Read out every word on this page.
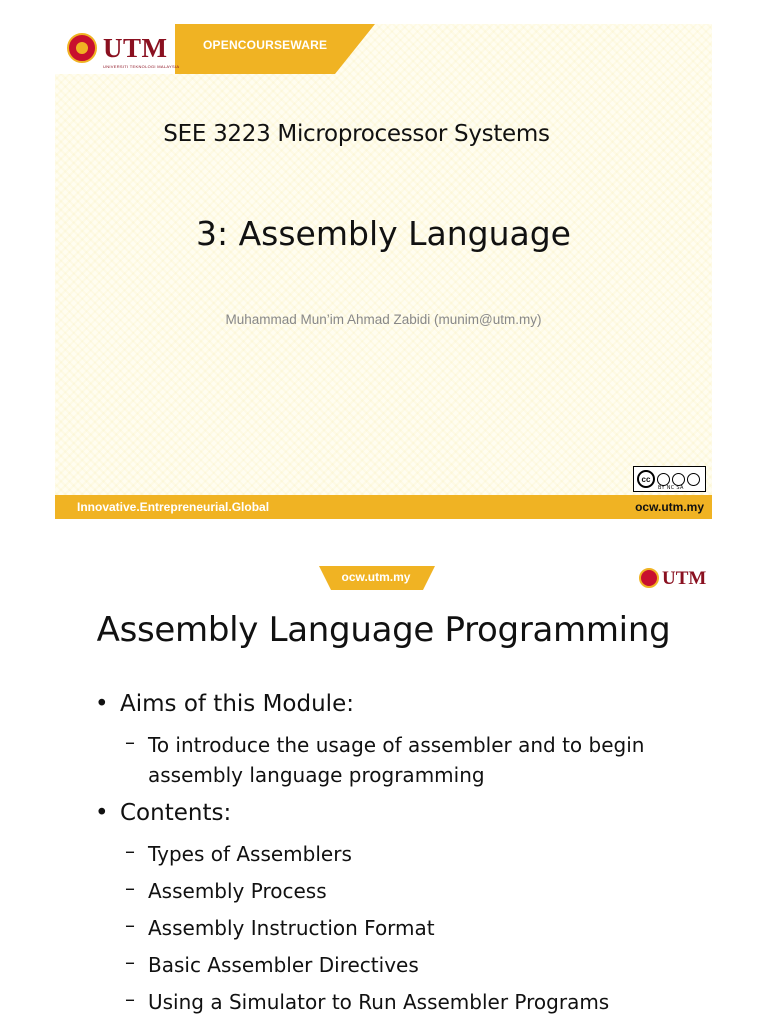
UTM
UNIVERSITI TEKNOLOGI MALAYSIA
OPENCOURSEWARE
SEE 3223 Microprocessor Systems
3: Assembly Language
Muhammad Mun’im Ahmad Zabidi (munim@utm.my)
cc
BY NC SA
Innovative.Entrepreneurial.Global	ocw.utm.my
ocw.utm.my	UTM
Assembly Language Programming
• Aims of this Module:
– To introduce the usage of assembler and to begin
assembly language programming
• Contents:
– Types of Assemblers
– Assembly Process
– Assembly Instruction Format
– Basic Assembler Directives
– Using a Simulator to Run Assembler Programs
